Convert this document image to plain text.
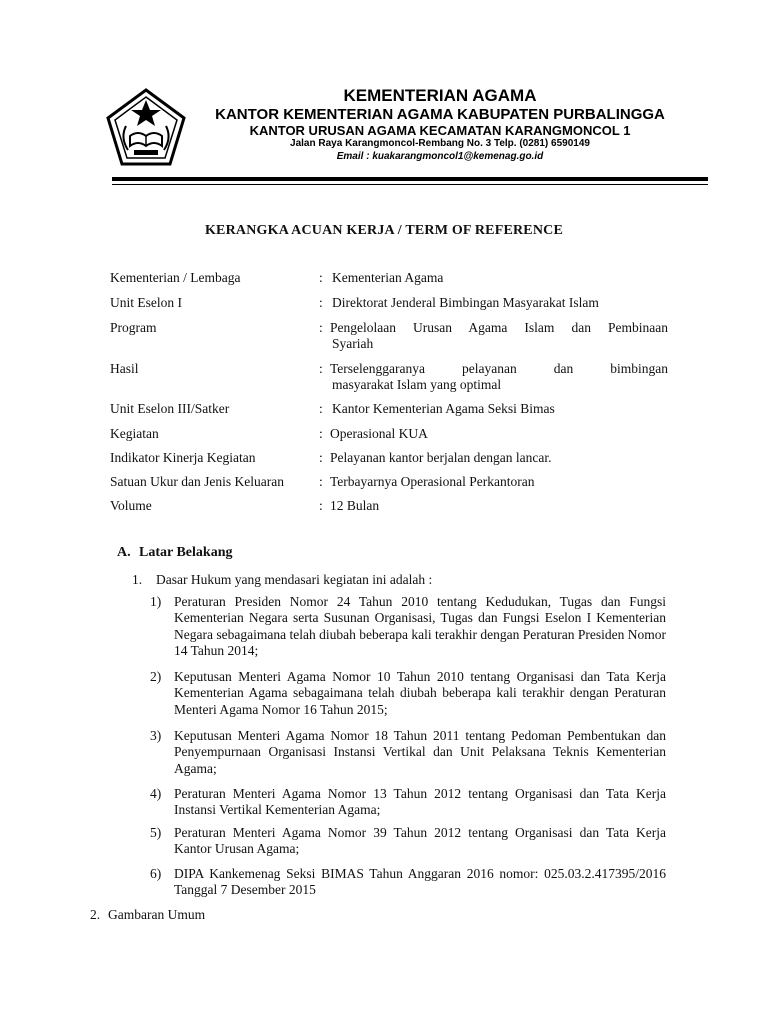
KEMENTERIAN AGAMA
KANTOR KEMENTERIAN AGAMA KABUPATEN PURBALINGGA
KANTOR URUSAN AGAMA KECAMATAN KARANGMONCOL 1
Jalan Raya Karangmoncol-Rembang No. 3 Telp. (0281) 6590149
Email : kuakarangmoncol1@kemenag.go.id
KERANGKA ACUAN KERJA / TERM OF REFERENCE
Kementerian / Lembaga	: Kementerian Agama
Unit Eselon I	: Direktorat Jenderal Bimbingan Masyarakat Islam
Program	: Pengelolaan Urusan Agama Islam dan Pembinaan
Syariah
Hasil	: Terselenggaranya pelayanan dan bimbingan
masyarakat Islam yang optimal
Unit Eselon III/Satker	: Kantor Kementerian Agama Seksi Bimas
Kegiatan	: Operasional KUA
Indikator Kinerja Kegiatan	: Pelayanan kantor berjalan dengan lancar.
Satuan Ukur dan Jenis Keluaran	: Terbayarnya Operasional Perkantoran
Volume	: 12 Bulan
A. Latar Belakang
1. Dasar Hukum yang mendasari kegiatan ini adalah :
1) Peraturan Presiden Nomor 24 Tahun 2010 tentang Kedudukan, Tugas dan Fungsi Kementerian Negara serta Susunan Organisasi, Tugas dan Fungsi Eselon I Kementerian Negara sebagaimana telah diubah beberapa kali terakhir dengan Peraturan Presiden Nomor 14 Tahun 2014;
2) Keputusan Menteri Agama Nomor 10 Tahun 2010 tentang Organisasi dan Tata Kerja Kementerian Agama sebagaimana telah diubah beberapa kali terakhir dengan Peraturan Menteri Agama Nomor 16 Tahun 2015;
3) Keputusan Menteri Agama Nomor 18 Tahun 2011 tentang Pedoman Pembentukan dan Penyempurnaan Organisasi Instansi Vertikal dan Unit Pelaksana Teknis Kementerian Agama;
4) Peraturan Menteri Agama Nomor 13 Tahun 2012 tentang Organisasi dan Tata Kerja Instansi Vertikal Kementerian Agama;
5) Peraturan Menteri Agama Nomor 39 Tahun 2012 tentang Organisasi dan Tata Kerja Kantor Urusan Agama;
6) DIPA Kankemenag Seksi BIMAS Tahun Anggaran 2016 nomor: 025.03.2.417395/2016 Tanggal 7 Desember 2015
2. Gambaran Umum
